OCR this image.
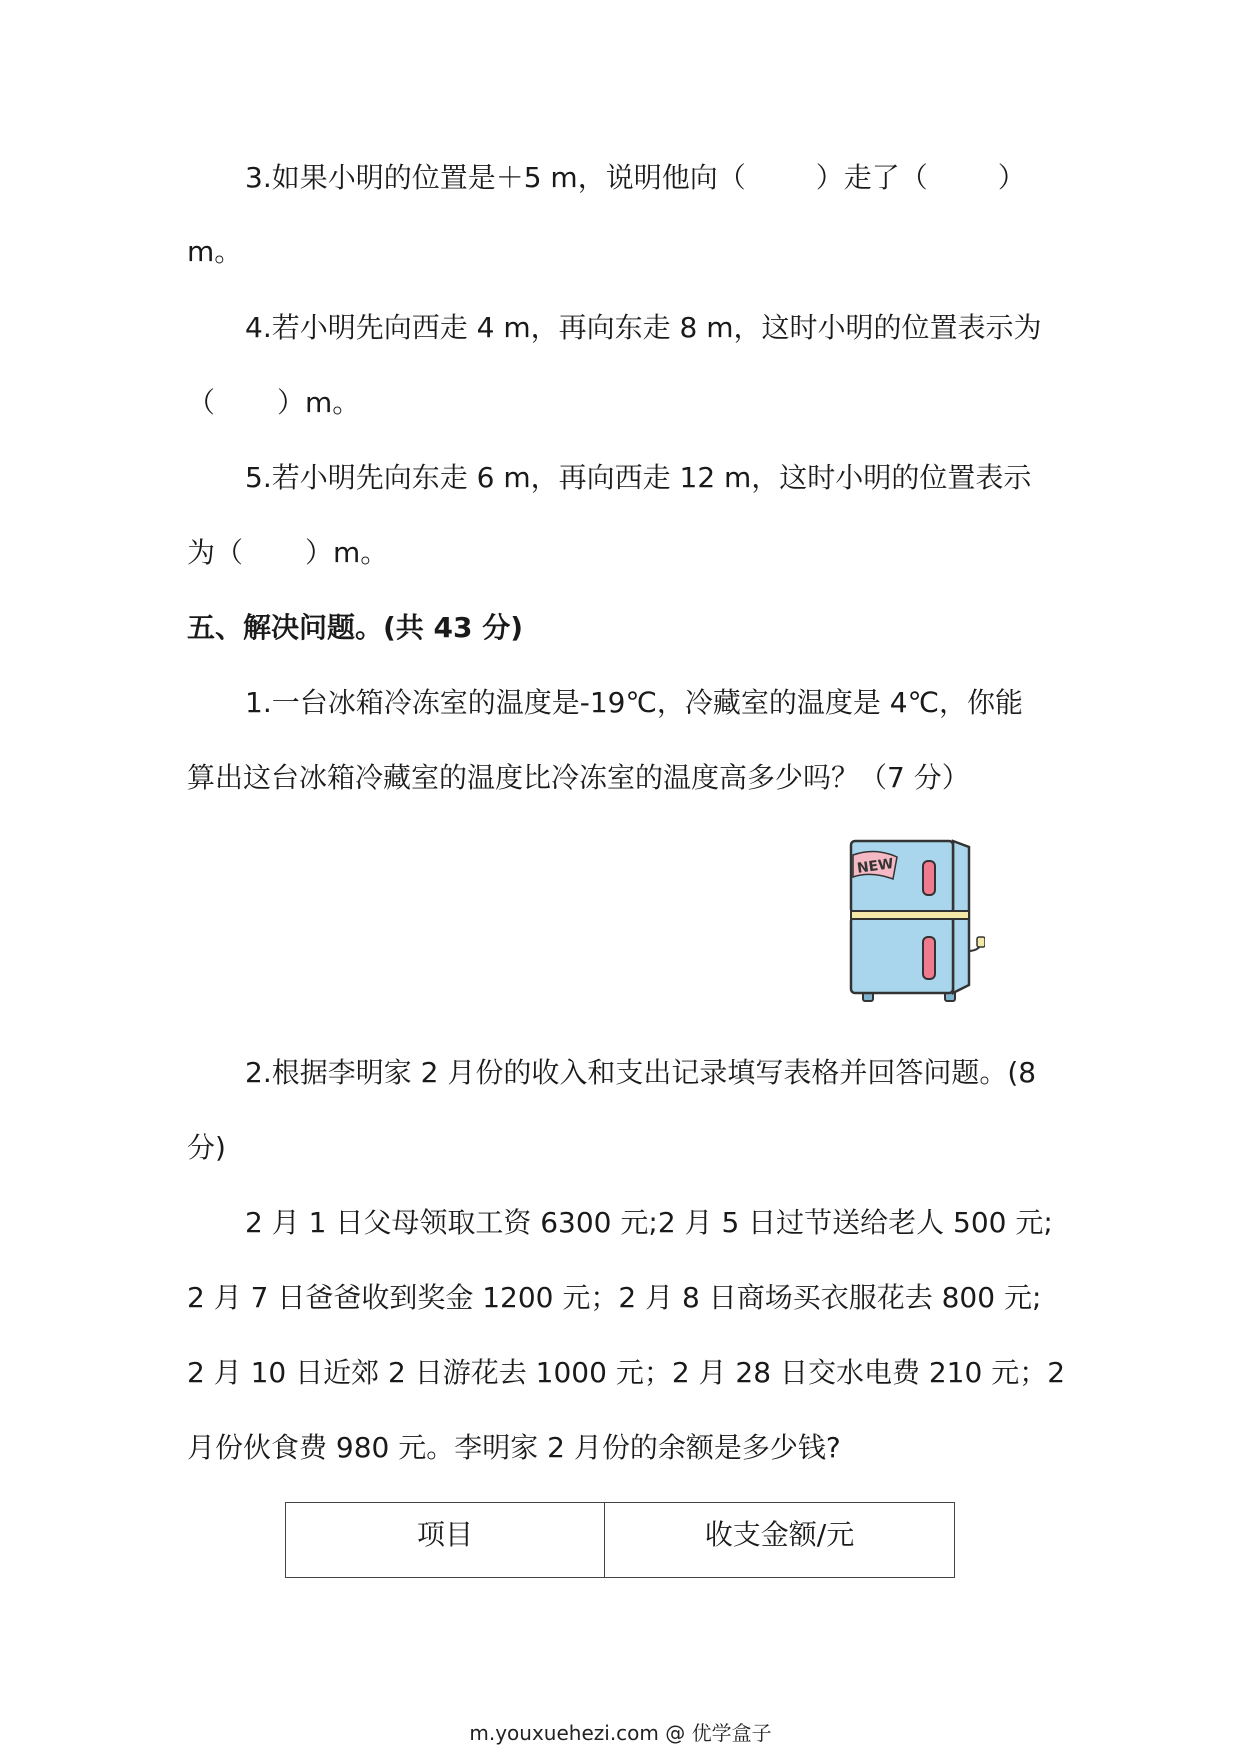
3.如果小明的位置是＋5 m，说明他向（	）走了（	）
m。
4.若小明先向西走 4 m，再向东走 8 m，这时小明的位置表示为
（ ）m。
5.若小明先向东走 6 m，再向西走 12 m，这时小明的位置表示
为（ ）m。
五、解决问题。(共 43 分)
1.一台冰箱冷冻室的温度是-19℃，冷藏室的温度是 4℃，你能
算出这台冰箱冷藏室的温度比冷冻室的温度高多少吗？（7 分）
NEW
2.根据李明家 2 月份的收入和支出记录填写表格并回答问题。(8
分)
2 月 1 日父母领取工资 6300 元;2 月 5 日过节送给老人 500 元;
2 月 7 日爸爸收到奖金 1200 元；2 月 8 日商场买衣服花去 800 元;
2 月 10 日近郊 2 日游花去 1000 元；2 月 28 日交水电费 210 元；2
月份伙食费 980 元。李明家 2 月份的余额是多少钱?
项目	收支金额/元
m.youxuehezi.com @ 优学盒子
